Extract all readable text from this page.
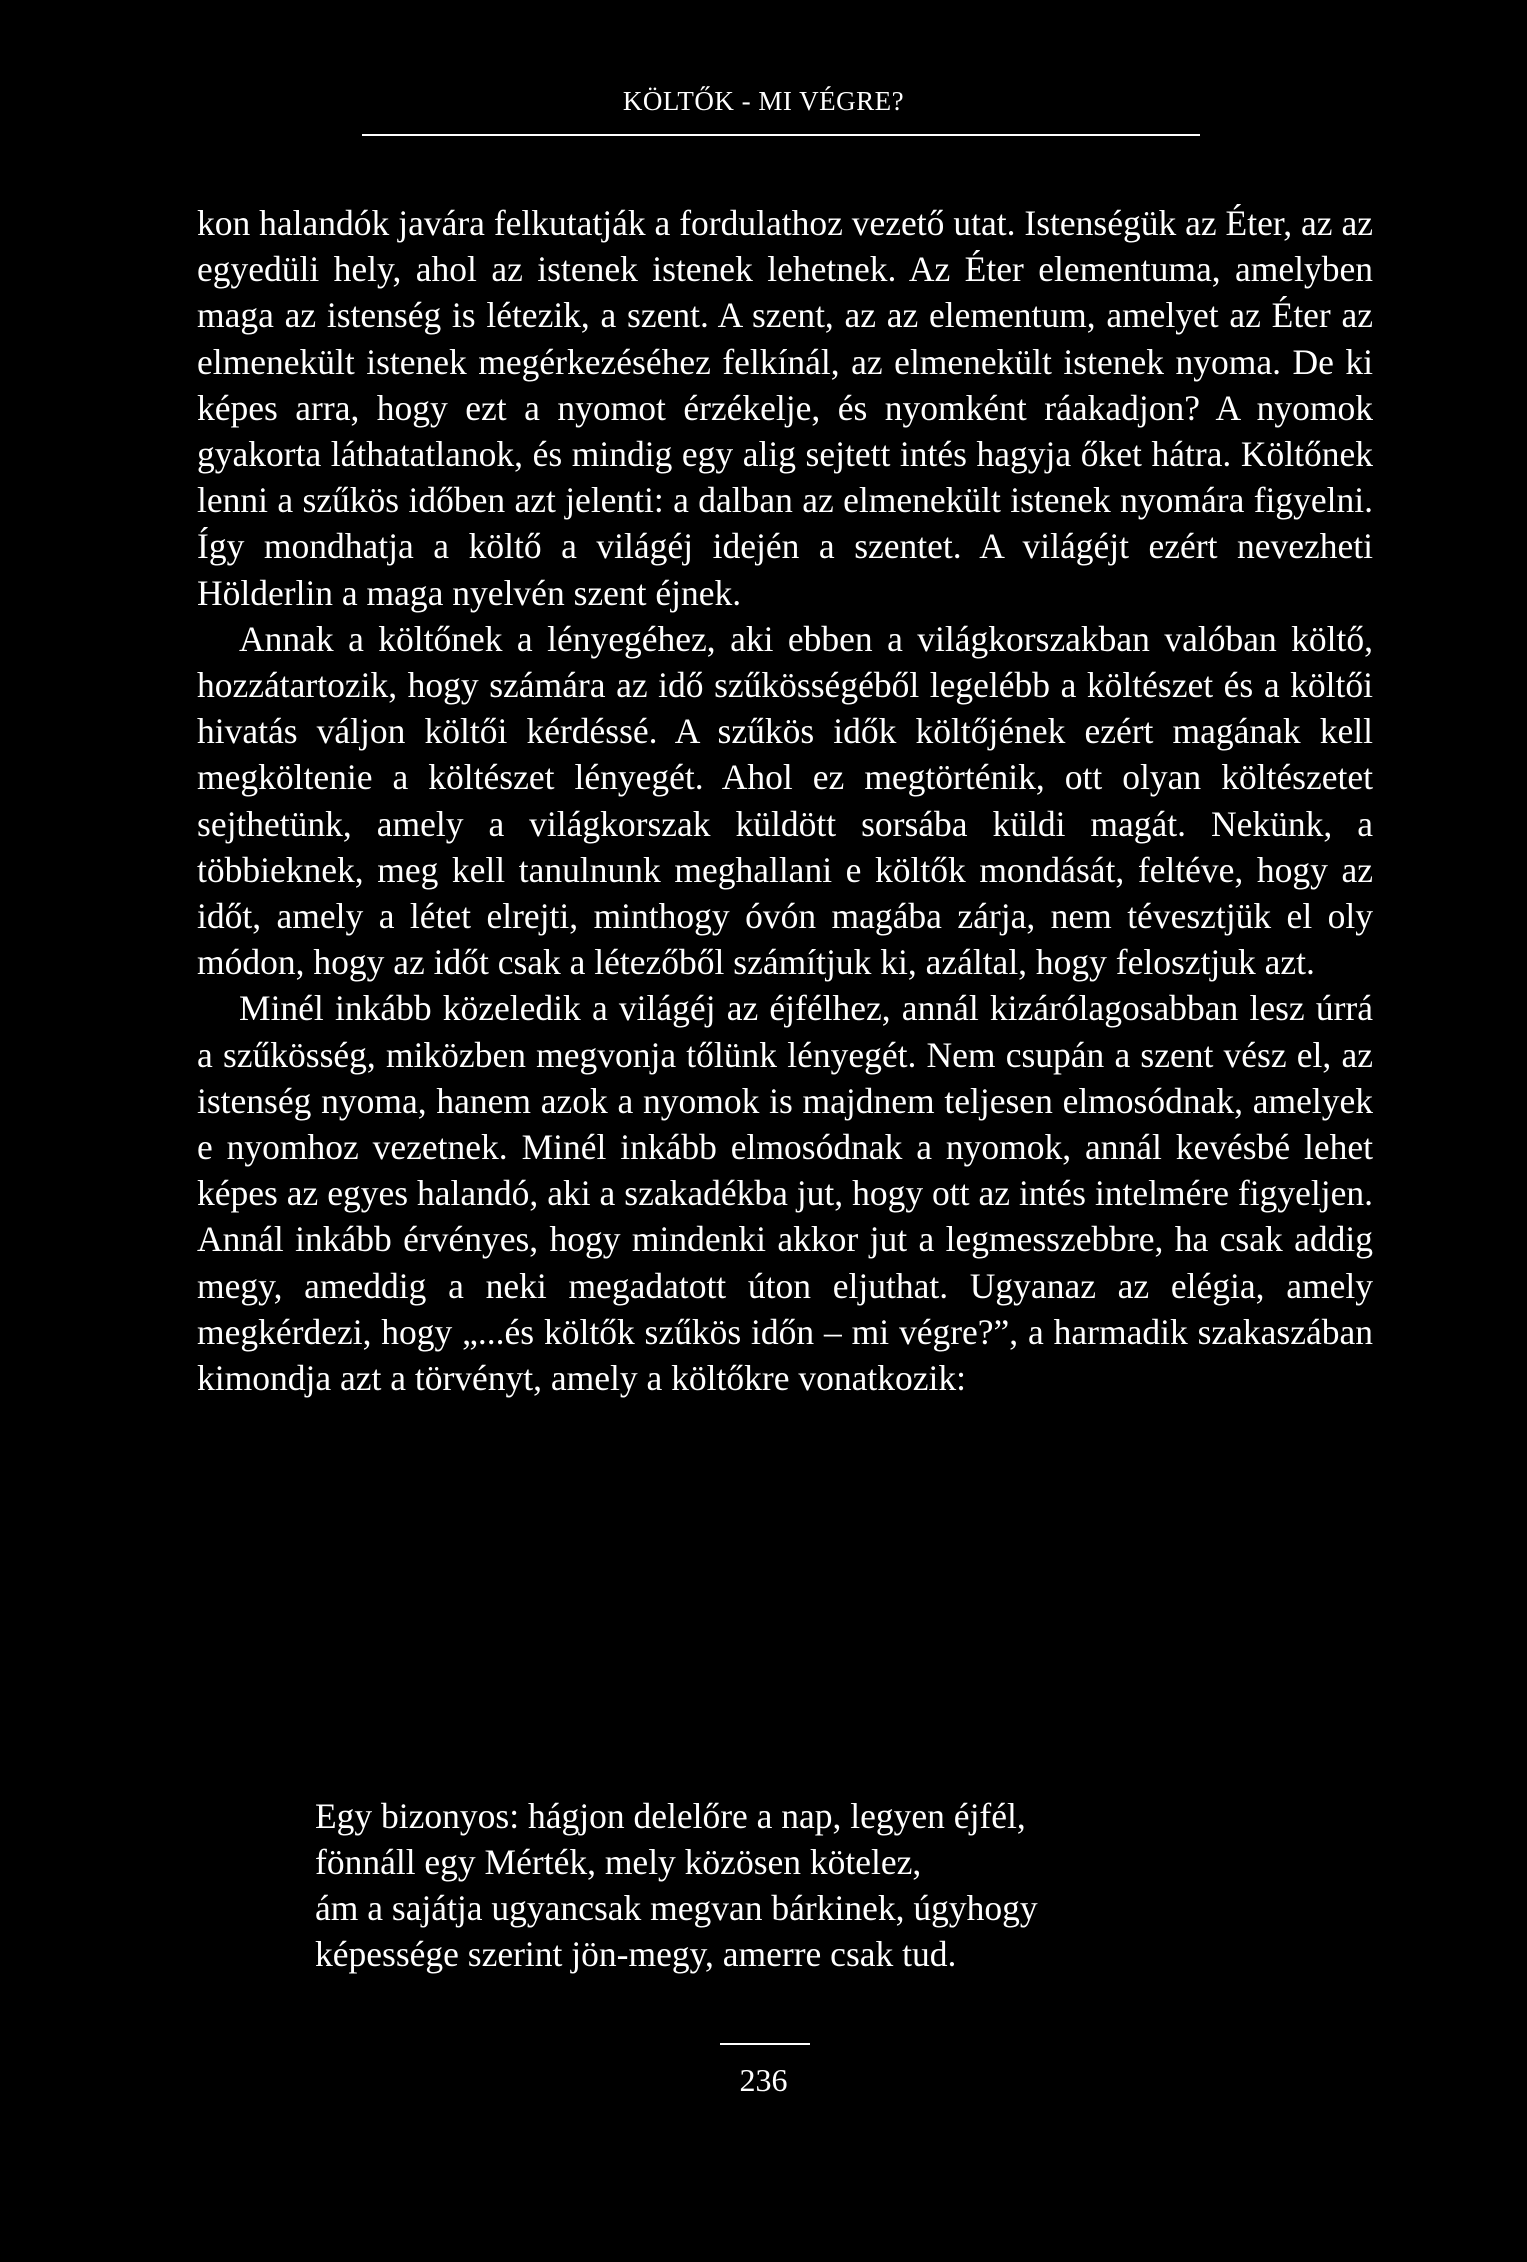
KÖLTŐK - MI VÉGRE?

kon halandók javára felkutatják a fordulathoz vezető utat. Istenségük az Éter, az az egyedüli hely, ahol az istenek istenek lehetnek. Az Éter elementuma, amelyben maga az istenség is létezik, a szent. A szent, az az elementum, amelyet az Éter az elmenekült istenek megérkezéséhez felkínál, az elmenekült istenek nyoma. De ki képes arra, hogy ezt a nyomot érzékelje, és nyomként ráakadjon? A nyomok gyakorta láthatatlanok, és mindig egy alig sejtett intés hagyja őket hátra. Költőnek lenni a szűkös időben azt jelenti: a dalban az elmenekült istenek nyomára figyelni. Így mondhatja a költő a világéj idején a szentet. A világéjt ezért nevezheti Hölderlin a maga nyelvén szent éjnek.

Annak a költőnek a lényegéhez, aki ebben a világkorszakban valóban költő, hozzátartozik, hogy számára az idő szűkösségéből legelébb a költészet és a költői hivatás váljon költői kérdéssé. A szűkös idők költőjének ezért magának kell megköltenie a költészet lényegét. Ahol ez megtörténik, ott olyan költészetet sejthetünk, amely a világkorszak küldött sorsába küldi magát. Nekünk, a többieknek, meg kell tanulnunk meghallani e költők mondását, feltéve, hogy az időt, amely a létet elrejti, minthogy óvón magába zárja, nem tévesztjük el oly módon, hogy az időt csak a létezőből számítjuk ki, azáltal, hogy felosztjuk azt.

Minél inkább közeledik a világéj az éjfélhez, annál kizárólagosabban lesz úrrá a szűkösség, miközben megvonja tőlünk lényegét. Nem csupán a szent vész el, az istenség nyoma, hanem azok a nyomok is majdnem teljesen elmosódnak, amelyek e nyomhoz vezetnek. Minél inkább elmosódnak a nyomok, annál kevésbé lehet képes az egyes halandó, aki a szakadékba jut, hogy ott az intés intelmére figyeljen. Annál inkább érvényes, hogy mindenki akkor jut a legmesszebbre, ha csak addig megy, ameddig a neki megadatott úton eljuthat. Ugyanaz az elégia, amely megkérdezi, hogy „...és költők szűkös időn – mi végre?”, a harmadik szakaszában kimondja azt a törvényt, amely a költőkre vonatkozik:

Egy bizonyos: hágjon delelőre a nap, legyen éjfél,
fönnáll egy Mérték, mely közösen kötelez,
ám a sajátja ugyancsak megvan bárkinek, úgyhogy
képessége szerint jön-megy, amerre csak tud.
236
